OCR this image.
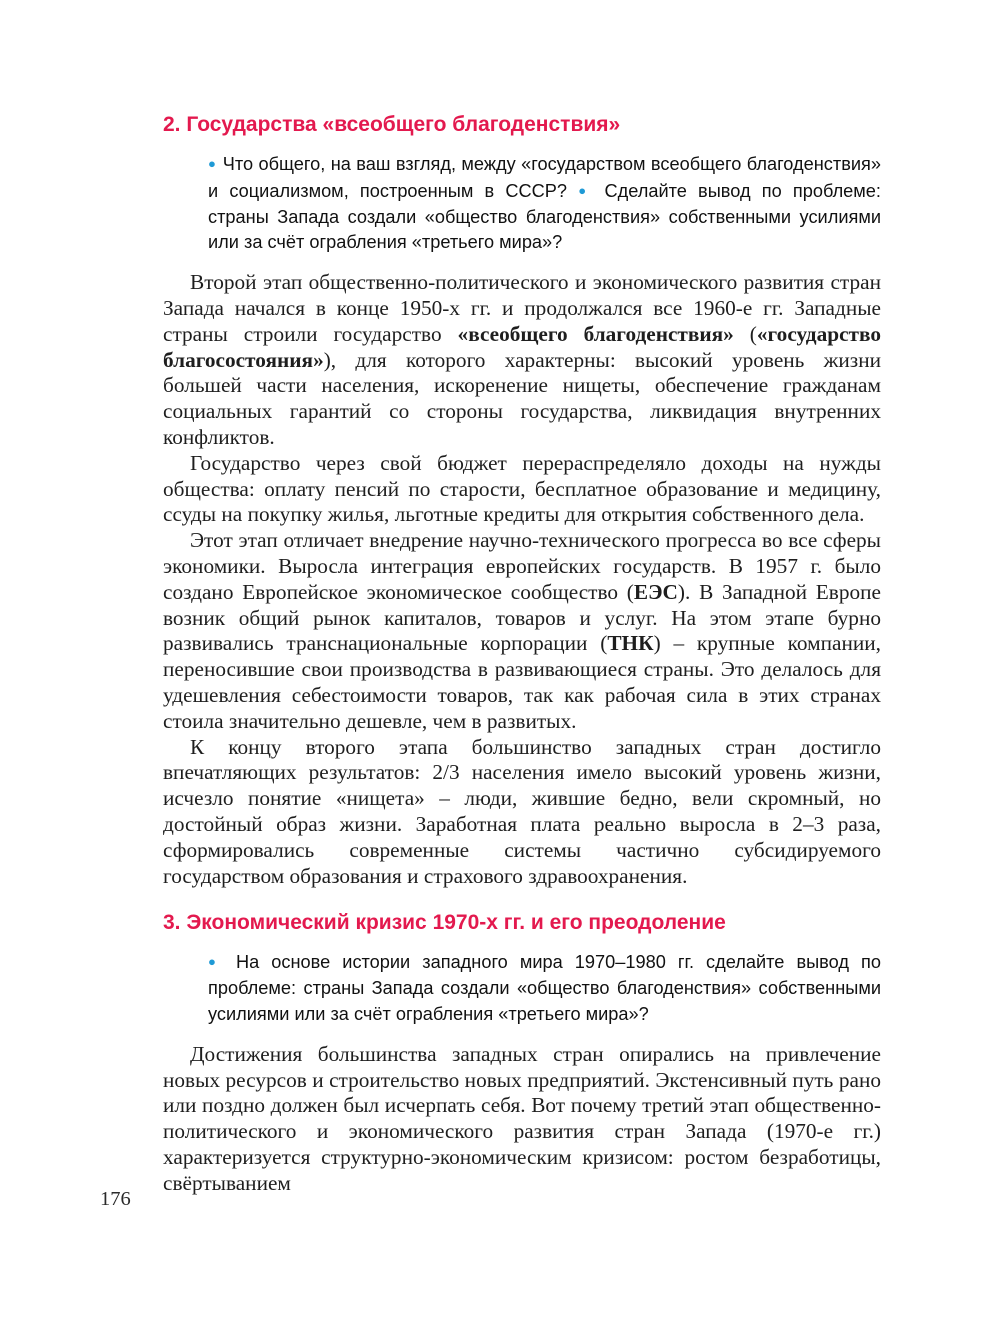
2. Государства «всеобщего благоденствия»
● Что общего, на ваш взгляд, между «государством всеобщего благоденствия» и социализмом, построенным в СССР? ● Сделайте вывод по проблеме: страны Запада создали «общество благоденствия» собственными усилиями или за счёт ограбления «третьего мира»?

Второй этап общественно-политического и экономического развития стран Запада начался в конце 1950-х гг. и продолжался все 1960-е гг. Западные страны строили государство «всеобщего благоденствия» («государство благосостояния»), для которого характерны: высокий уровень жизни большей части населения, искоренение нищеты, обеспечение гражданам социальных гарантий со стороны государства, ликвидация внутренних конфликтов.

Государство через свой бюджет перераспределяло доходы на нужды общества: оплату пенсий по старости, бесплатное образование и медицину, ссуды на покупку жилья, льготные кредиты для открытия собственного дела.

Этот этап отличает внедрение научно-технического прогресса во все сферы экономики. Выросла интеграция европейских государств. В 1957 г. было создано Европейское экономическое сообщество (ЕЭС). В Западной Европе возник общий рынок капиталов, товаров и услуг. На этом этапе бурно развивались транснациональные корпорации (ТНК) – крупные компании, переносившие свои производства в развивающиеся страны. Это делалось для удешевления себестоимости товаров, так как рабочая сила в этих странах стоила значительно дешевле, чем в развитых.

К концу второго этапа большинство западных стран достигло впечатляющих результатов: 2/3 населения имело высокий уровень жизни, исчезло понятие «нищета» – люди, жившие бедно, вели скромный, но достойный образ жизни. Заработная плата реально выросла в 2–3 раза, сформировались современные системы частично субсидируемого государством образования и страхового здравоохранения.

3. Экономический кризис 1970-х гг. и его преодоление
● На основе истории западного мира 1970–1980 гг. сделайте вывод по проблеме: страны Запада создали «общество благоденствия» собственными усилиями или за счёт ограбления «третьего мира»?

Достижения большинства западных стран опирались на привлечение новых ресурсов и строительство новых предприятий. Экстенсивный путь рано или поздно должен был исчерпать себя. Вот почему третий этап общественно-политического и экономического развития стран Запада (1970-е гг.) характеризуется структурно-экономическим кризисом: ростом безработицы, свёртыванием

176
